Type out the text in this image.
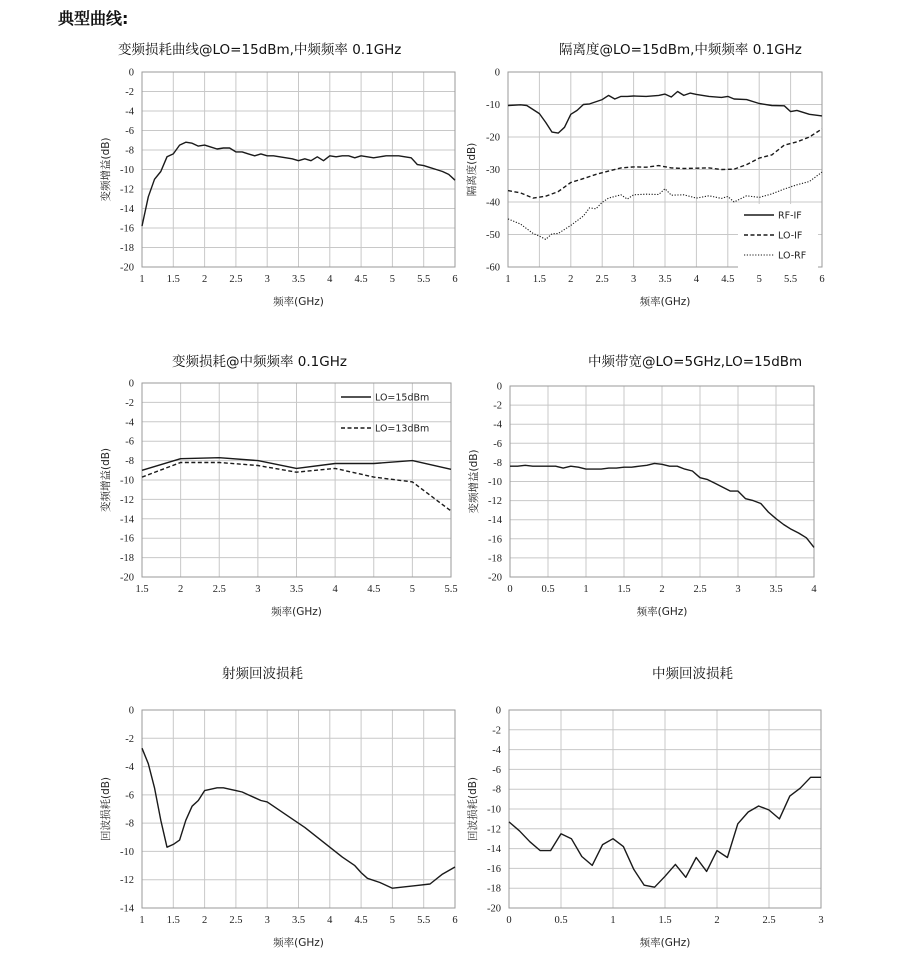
典型曲线:
变频损耗曲线@LO=15dBm,中频频率 0.1GHz
1 1.5 2 2.5 3 3.5 4 4.5 5 5.5 6
0
-2
-4
-6
-8
-10
-12
-14
-16
-18
-20
频率(GHz)
变频增益(dB)
隔离度@LO=15dBm,中频频率 0.1GHz
1 1.5 2 2.5 3 3.5 4 4.5 5 5.5 6
0
-10
-20
-30
-40
-50
-60
频率(GHz)
隔离度(dB)
RF-IF
LO-IF
LO-RF
变频损耗@中频频率 0.1GHz
1.5	2	2.5	3	3.5	4	4.5	5	5.5
0
-2
-4
-6
-8
-10
-12
-14
-16
-18
-20
频率(GHz)
变频增益(dB)
LO=15dBm
LO=13dBm
中频带宽@LO=5GHz,LO=15dBm
0	0.5	1	1.5	2	2.5	3	3.5	4
0
-2
-4
-6
-8
-10
-12
-14
-16
-18
-20
频率(GHz)
变频增益(dB)
射频回波损耗
1 1.5 2 2.5 3 3.5 4 4.5 5 5.5 6
0
-2
-4
-6
-8
-10
-12
-14
频率(GHz)
回波损耗(dB)
中频回波损耗
0	0.5	1	1.5	2	2.5	3
0
-2
-4
-6
-8
-10
-12
-14
-16
-18
-20
频率(GHz)
回波损耗(dB)
